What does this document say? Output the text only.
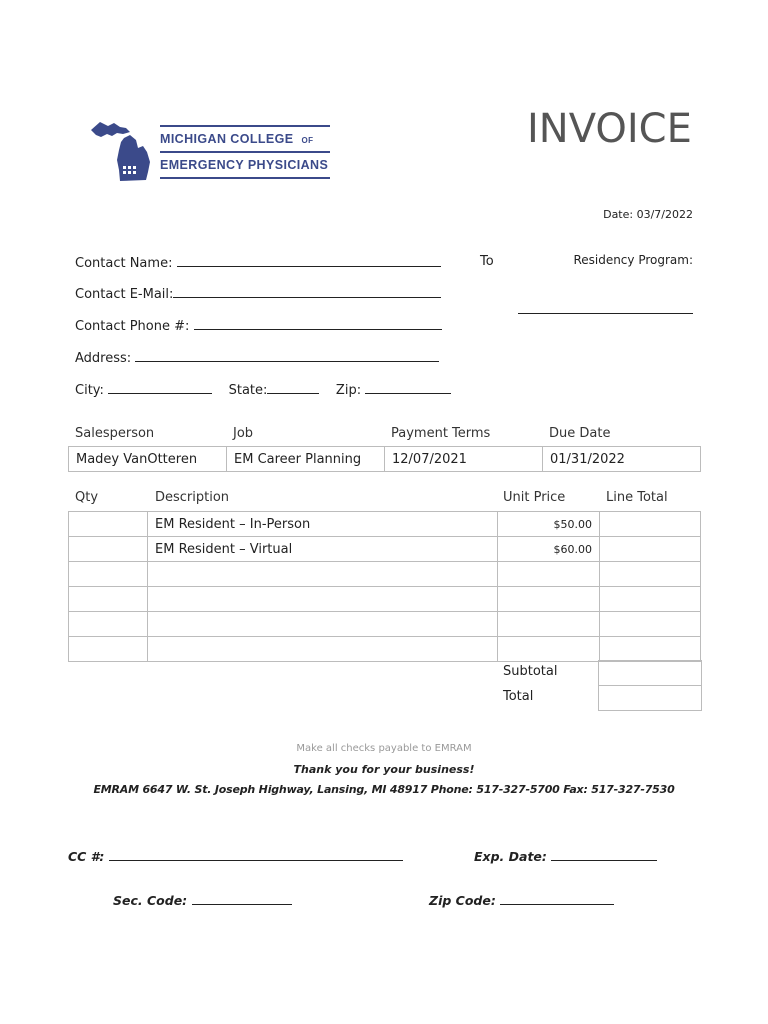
MICHIGAN COLLEGE OF
EMERGENCY PHYSICIANS
INVOICE
Date: 03/7/2022
Contact Name:
Contact E-Mail:
Contact Phone #:
Address:
City:	State:	Zip:
To	Residency Program:
Salesperson	Job	Payment Terms	Due Date
Madey VanOtteren	EM Career Planning	12/07/2021	01/31/2022
Qty	Description	Unit Price	Line Total
	EM Resident – In-Person	$50.00	
	EM Resident – Virtual	$60.00	

Subtotal
Total
Make all checks payable to EMRAM
Thank you for your business!
EMRAM 6647 W. St. Joseph Highway, Lansing, MI 48917 Phone: 517-327-5700 Fax: 517-327-7530
CC #:	Exp. Date:
Sec. Code:	Zip Code:
